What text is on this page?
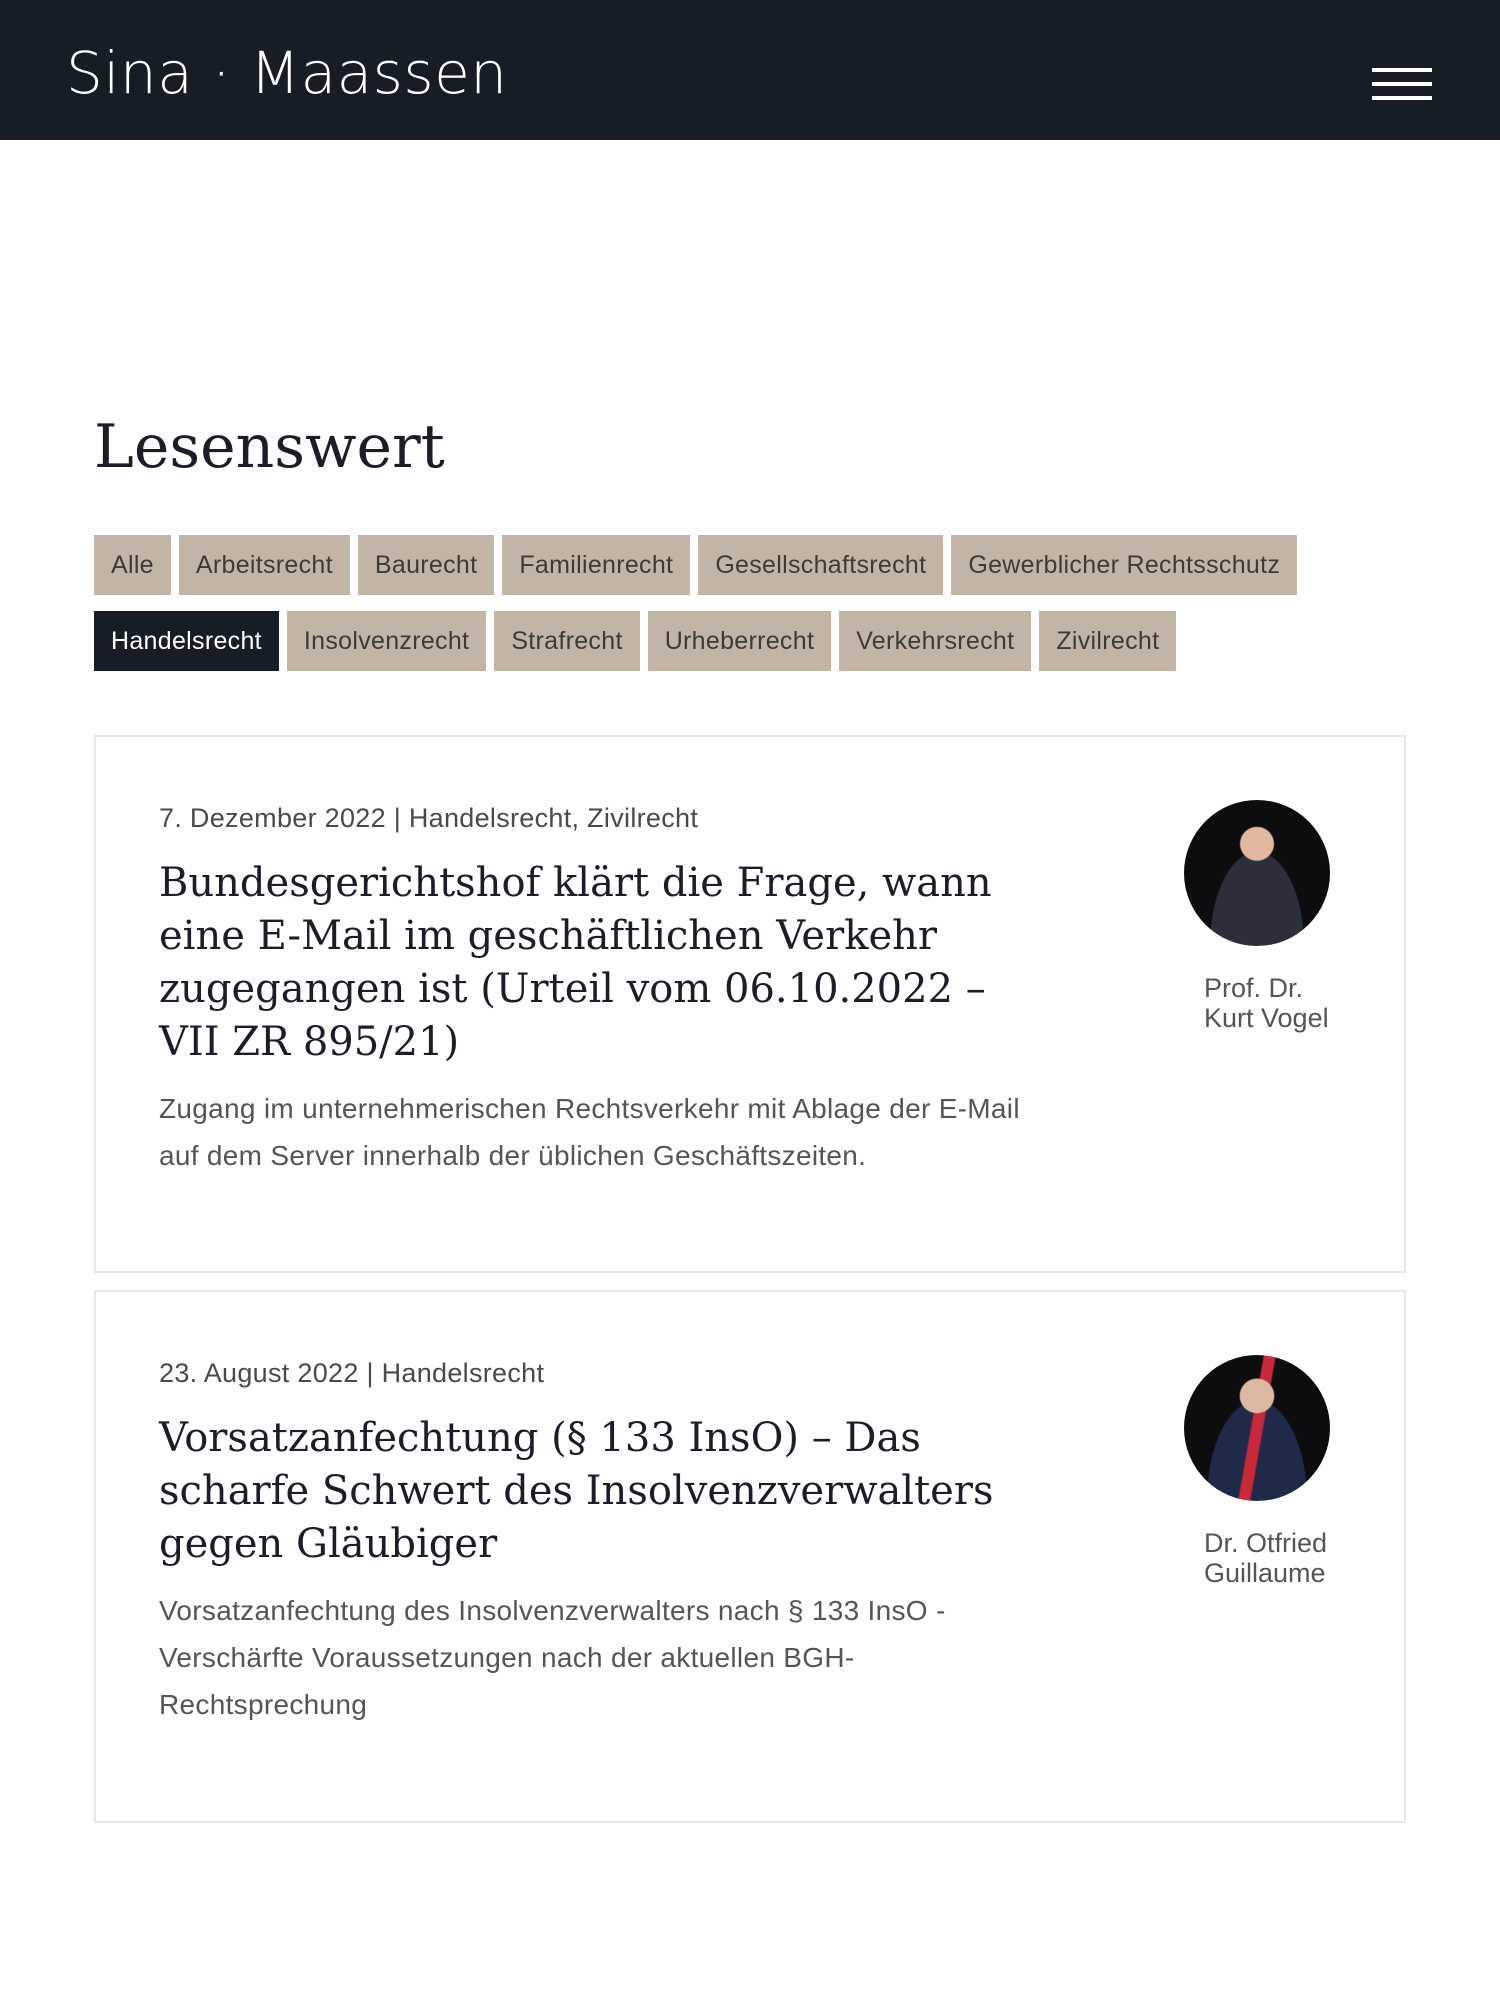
Sina · Maassen
Lesenswert
Alle	Arbeitsrecht	Baurecht	Familienrecht	Gesellschaftsrecht	Gewerblicher Rechtsschutz
Handelsrecht	Insolvenzrecht	Strafrecht	Urheberrecht	Verkehrsrecht	Zivilrecht
7. Dezember 2022 | Handelsrecht, Zivilrecht
Bundesgerichtshof klärt die Frage, wann eine E-Mail im geschäftlichen Verkehr zugegangen ist (Urteil vom 06.10.2022 – VII ZR 895/21)
Zugang im unternehmerischen Rechtsverkehr mit Ablage der E-Mail auf dem Server innerhalb der üblichen Geschäftszeiten.
Prof. Dr.
Kurt Vogel
23. August 2022 | Handelsrecht
Vorsatzanfechtung (§ 133 InsO) – Das scharfe Schwert des Insolvenzverwalters gegen Gläubiger
Vorsatzanfechtung des Insolvenzverwalters nach § 133 InsO - Verschärfte Voraussetzungen nach der aktuellen BGH-Rechtsprechung
Dr. Otfried
Guillaume
